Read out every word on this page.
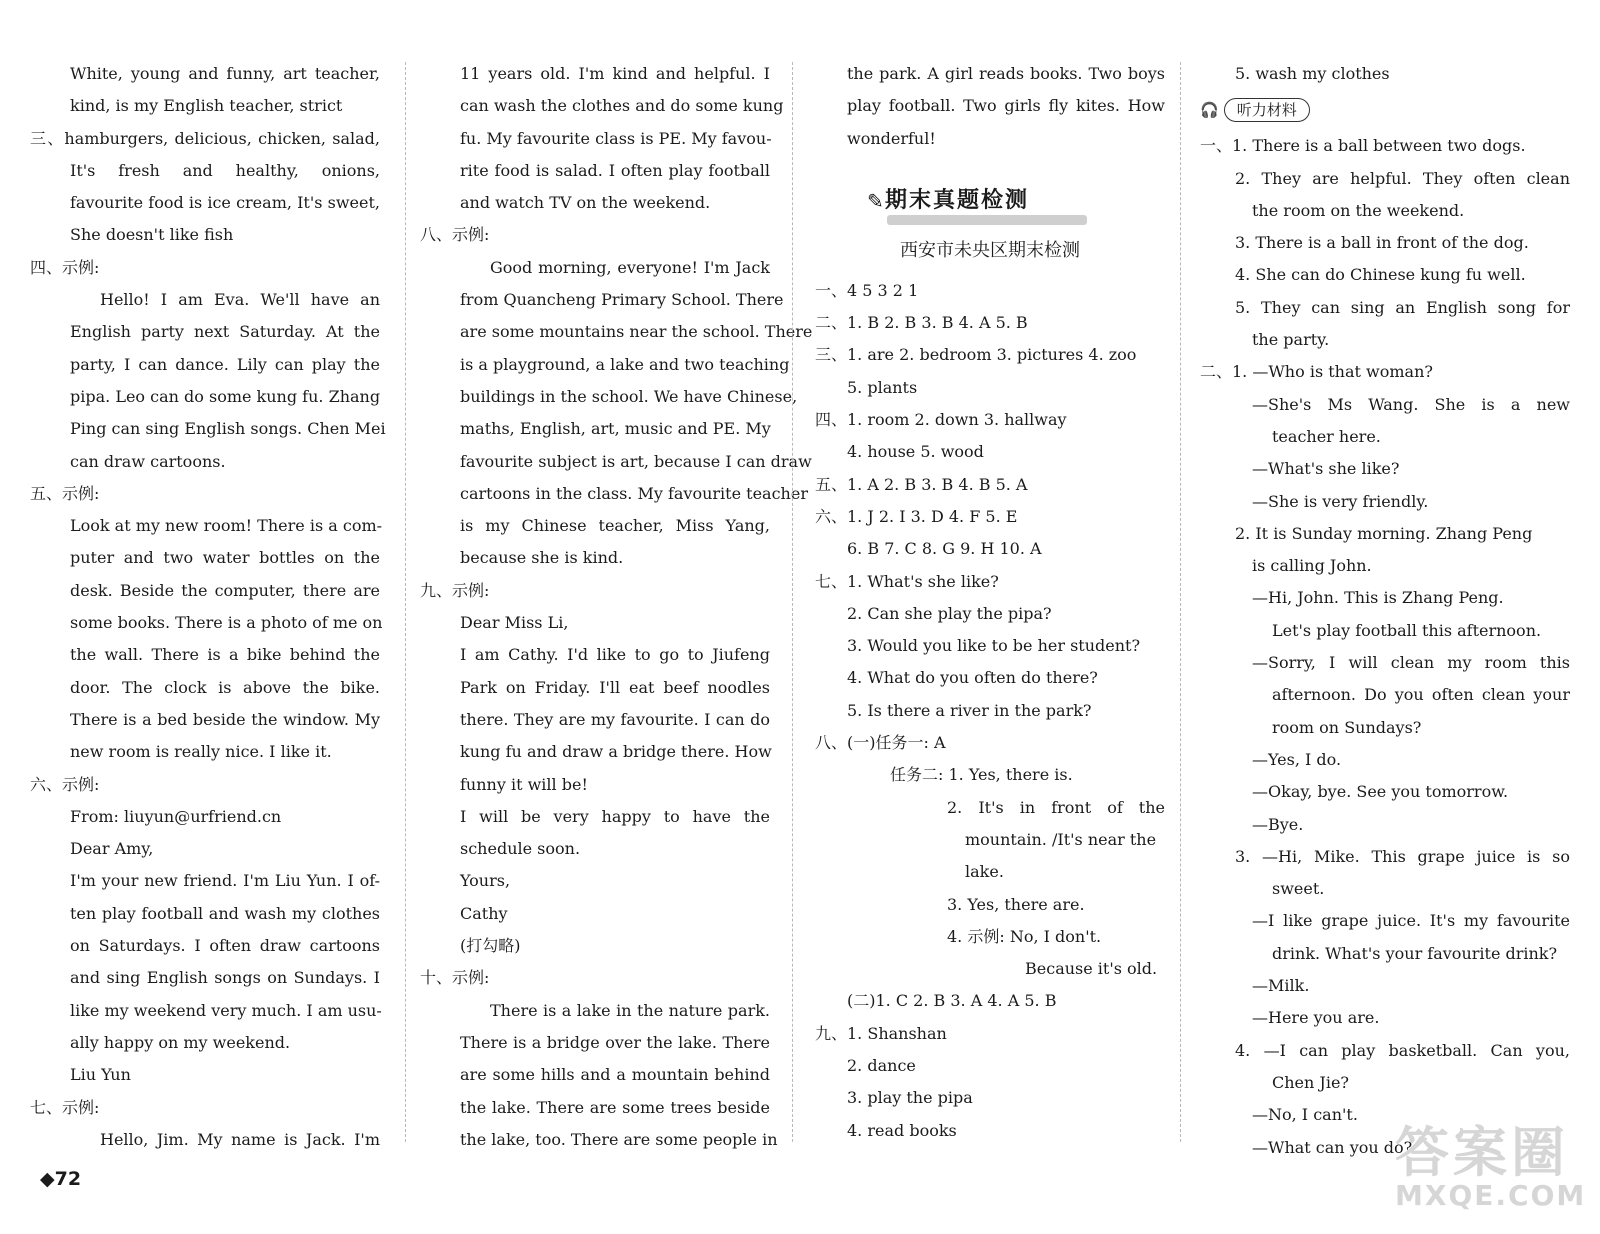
White, young and funny, art teacher,
kind, is my English teacher, strict
三、hamburgers, delicious, chicken, salad,
It's fresh and healthy, onions,
favourite food is ice cream, It's sweet,
She doesn't like fish
四、示例:
Hello! I am Eva. We'll have an
English party next Saturday. At the
party, I can dance. Lily can play the
pipa. Leo can do some kung fu. Zhang
Ping can sing English songs. Chen Mei
can draw cartoons.
五、示例:
Look at my new room! There is a com-
puter and two water bottles on the
desk. Beside the computer, there are
some books. There is a photo of me on
the wall. There is a bike behind the
door. The clock is above the bike.
There is a bed beside the window. My
new room is really nice. I like it.
六、示例:
From: liuyun@urfriend.cn
Dear Amy,
I'm your new friend. I'm Liu Yun. I of-
ten play football and wash my clothes
on Saturdays. I often draw cartoons
and sing English songs on Sundays. I
like my weekend very much. I am usu-
ally happy on my weekend.
Liu Yun
七、示例:
Hello, Jim. My name is Jack. I'm
11 years old. I'm kind and helpful. I
can wash the clothes and do some kung
fu. My favourite class is PE. My favou-
rite food is salad. I often play football
and watch TV on the weekend.
八、示例:
Good morning, everyone! I'm Jack
from Quancheng Primary School. There
are some mountains near the school. There
is a playground, a lake and two teaching
buildings in the school. We have Chinese,
maths, English, art, music and PE. My
favourite subject is art, because I can draw
cartoons in the class. My favourite teacher
is my Chinese teacher, Miss Yang,
because she is kind.
九、示例:
Dear Miss Li,
I am Cathy. I'd like to go to Jiufeng
Park on Friday. I'll eat beef noodles
there. They are my favourite. I can do
kung fu and draw a bridge there. How
funny it will be!
I will be very happy to have the
schedule soon.
Yours,
Cathy
(打勾略)
十、示例:
There is a lake in the nature park.
There is a bridge over the lake. There
are some hills and a mountain behind
the lake. There are some trees beside
the lake, too. There are some people in
the park. A girl reads books. Two boys
play football. Two girls fly kites. How
wonderful!
✎ 期末真题检测
西安市未央区期末检测
一、4 5 3 2 1
二、1. B 2. B 3. B 4. A 5. B
三、1. are 2. bedroom 3. pictures 4. zoo
5. plants
四、1. room 2. down 3. hallway
4. house 5. wood
五、1. A 2. B 3. B 4. B 5. A
六、1. J 2. I 3. D 4. F 5. E
6. B 7. C 8. G 9. H 10. A
七、1. What's she like?
2. Can she play the pipa?
3. Would you like to be her student?
4. What do you often do there?
5. Is there a river in the park?
八、(一)任务一: A
任务二: 1. Yes, there is.
2. It's in front of the
mountain. /It's near the
lake.
3. Yes, there are.
4. 示例: No, I don't.
Because it's old.
(二)1. C 2. B 3. A 4. A 5. B
九、1. Shanshan
2. dance
3. play the pipa
4. read books
5. wash my clothes
🎧 听力材料
一、1. There is a ball between two dogs.
2. They are helpful. They often clean
the room on the weekend.
3. There is a ball in front of the dog.
4. She can do Chinese kung fu well.
5. They can sing an English song for
the party.
二、1. —Who is that woman?
—She's Ms Wang. She is a new
teacher here.
—What's she like?
—She is very friendly.
2. It is Sunday morning. Zhang Peng
is calling John.
—Hi, John. This is Zhang Peng.
Let's play football this afternoon.
—Sorry, I will clean my room this
afternoon. Do you often clean your
room on Sundays?
—Yes, I do.
—Okay, bye. See you tomorrow.
—Bye.
3. —Hi, Mike. This grape juice is so
sweet.
—I like grape juice. It's my favourite
drink. What's your favourite drink?
—Milk.
—Here you are.
4. —I can play basketball. Can you,
Chen Jie?
—No, I can't.
—What can you do?
◆72	答案圈
MXQE.COM
